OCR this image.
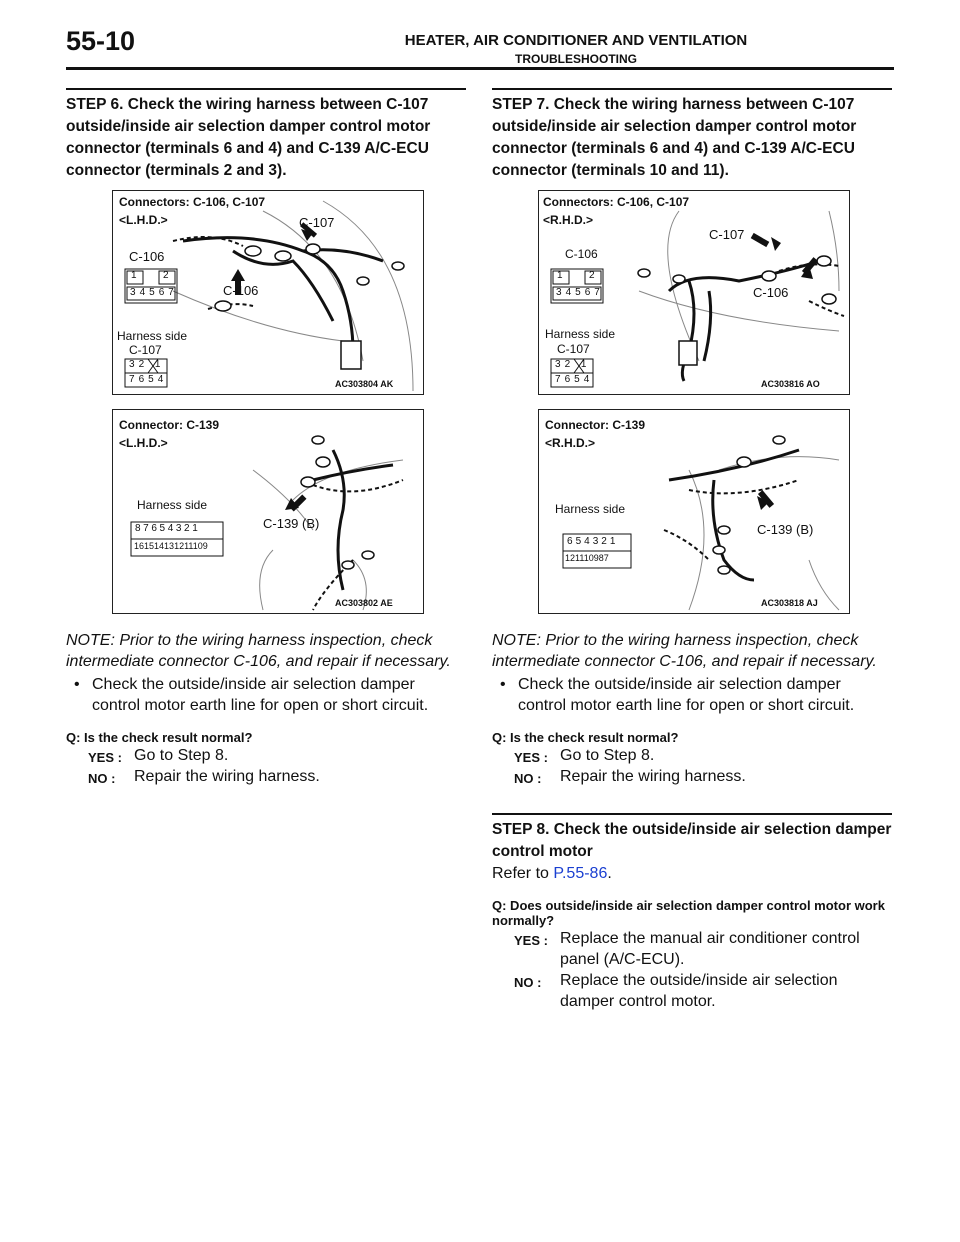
55-10	HEATER, AIR CONDITIONER AND VENTILATION
TROUBLESHOOTING
STEP 6. Check the wiring harness between C-107 outside/inside air selection damper control motor connector (terminals 6 and 4) and C-139 A/C-ECU connector (terminals 2 and 3).
Connectors: C-106, C-107
<L.H.D.>	C-107
C-106
C-106
1	2
34567
Harness side
C-107
32 1
7654	AC303804 AK
Connector: C-139
<L.H.D.>
Harness side
C-139 (B)
87654321
161514131211109
AC303802 AE
NOTE: Prior to the wiring harness inspection, check intermediate connector C-106, and repair if necessary.
• Check the outside/inside air selection damper control motor earth line for open or short circuit.
Q: Is the check result normal?
YES : Go to Step 8.
NO : Repair the wiring harness.
STEP 7. Check the wiring harness between C-107 outside/inside air selection damper control motor connector (terminals 6 and 4) and C-139 A/C-ECU connector (terminals 10 and 11).
Connectors: C-106, C-107
<R.H.D.>
C-107
C-106
C-106
1	2
34567
Harness side
C-107
32 1
7654	AC303816 AO
Connector: C-139
<R.H.D.>
Harness side
C-139 (B)
654321
121110987
AC303818 AJ
NOTE: Prior to the wiring harness inspection, check intermediate connector C-106, and repair if necessary.
• Check the outside/inside air selection damper control motor earth line for open or short circuit.
Q: Is the check result normal?
YES : Go to Step 8.
NO : Repair the wiring harness.
STEP 8. Check the outside/inside air selection damper control motor
Refer to P.55-86.
Q: Does outside/inside air selection damper control motor work normally?
YES : Replace the manual air conditioner control panel (A/C-ECU).
NO : Replace the outside/inside air selection damper control motor.
